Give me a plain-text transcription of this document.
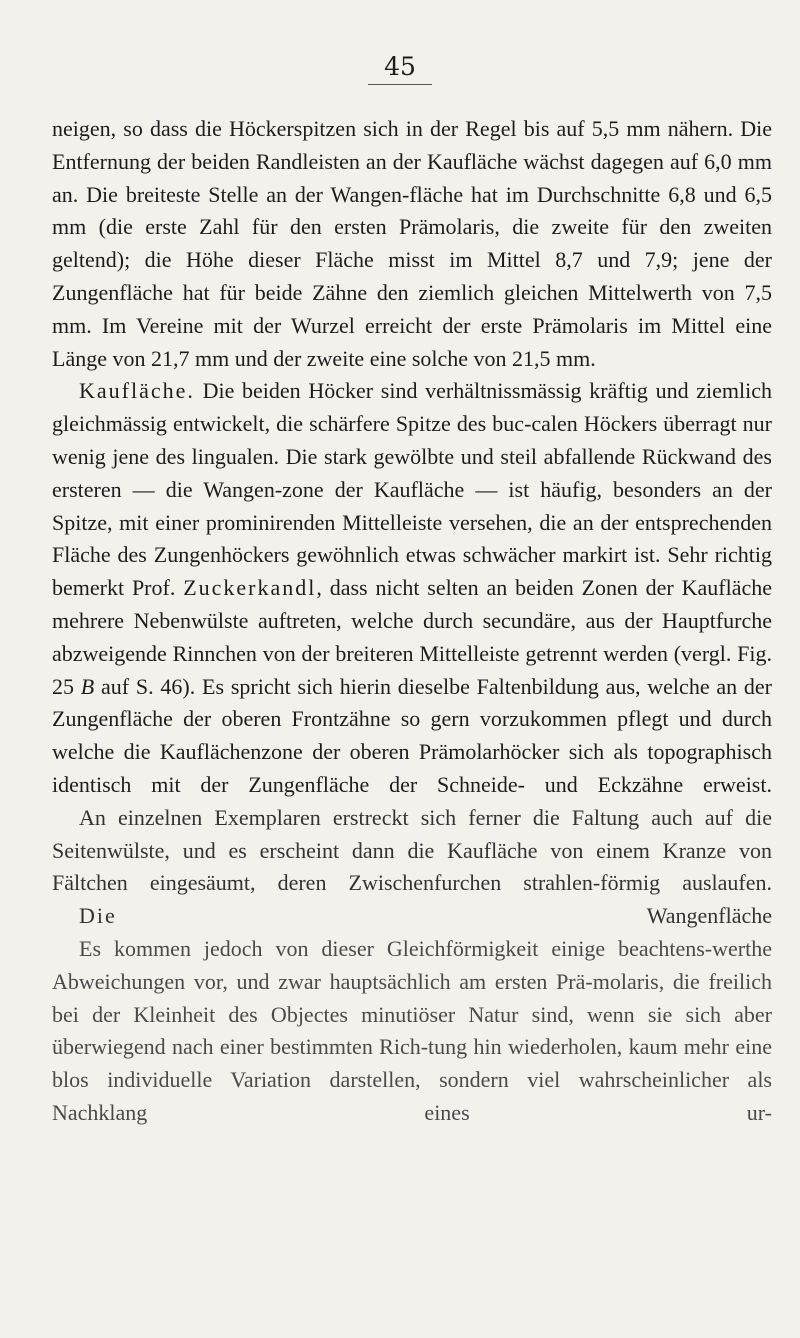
45

neigen, so dass die Höckerspitzen sich in der Regel bis auf 5,5 mm nähern. Die Entfernung der beiden Randleisten an der Kaufläche wächst dagegen auf 6,0 mm an. Die breiteste Stelle an der Wangen-fläche hat im Durchschnitte 6,8 und 6,5 mm (die erste Zahl für den ersten Prämolaris, die zweite für den zweiten geltend); die Höhe dieser Fläche misst im Mittel 8,7 und 7,9; jene der Zungenfläche hat für beide Zähne den ziemlich gleichen Mittelwerth von 7,5 mm. Im Vereine mit der Wurzel erreicht der erste Prämolaris im Mittel eine Länge von 21,7 mm und der zweite eine solche von 21,5 mm.

Kaufläche. Die beiden Höcker sind verhältnissmässig kräftig und ziemlich gleichmässig entwickelt, die schärfere Spitze des buc-calen Höckers überragt nur wenig jene des lingualen. Die stark gewölbte und steil abfallende Rückwand des ersteren — die Wangen-zone der Kaufläche — ist häufig, besonders an der Spitze, mit einer prominirenden Mittelleiste versehen, die an der entsprechenden Fläche des Zungenhöckers gewöhnlich etwas schwächer markirt ist. Sehr richtig bemerkt Prof. Zuckerkandl, dass nicht selten an beiden Zonen der Kaufläche mehrere Nebenwülste auftreten, welche durch secundäre, aus der Hauptfurche abzweigende Rinnchen von der breiteren Mittelleiste getrennt werden (vergl. Fig. 25 B auf S. 46). Es spricht sich hierin dieselbe Faltenbildung aus, welche an der Zungenfläche der oberen Frontzähne so gern vorzukommen pflegt und durch welche die Kauflächenzone der oberen Prämolarhöcker sich als topographisch identisch mit der Zungenfläche der Schneide- und Eckzähne erweist.

An einzelnen Exemplaren erstreckt sich ferner die Faltung auch auf die Seitenwülste, und es erscheint dann die Kaufläche von einem Kranze von Fältchen eingesäumt, deren Zwischenfurchen strahlen-förmig auslaufen.

Die Wangenfläche

Es kommen jedoch von dieser Gleichförmigkeit einige beachtens-werthe Abweichungen vor, und zwar hauptsächlich am ersten Prä-molaris, die freilich bei der Kleinheit des Objectes minutiöser Natur sind, wenn sie sich aber überwiegend nach einer bestimmten Rich-tung hin wiederholen, kaum mehr eine blos individuelle Variation darstellen, sondern viel wahrscheinlicher als Nachklang eines ur-
